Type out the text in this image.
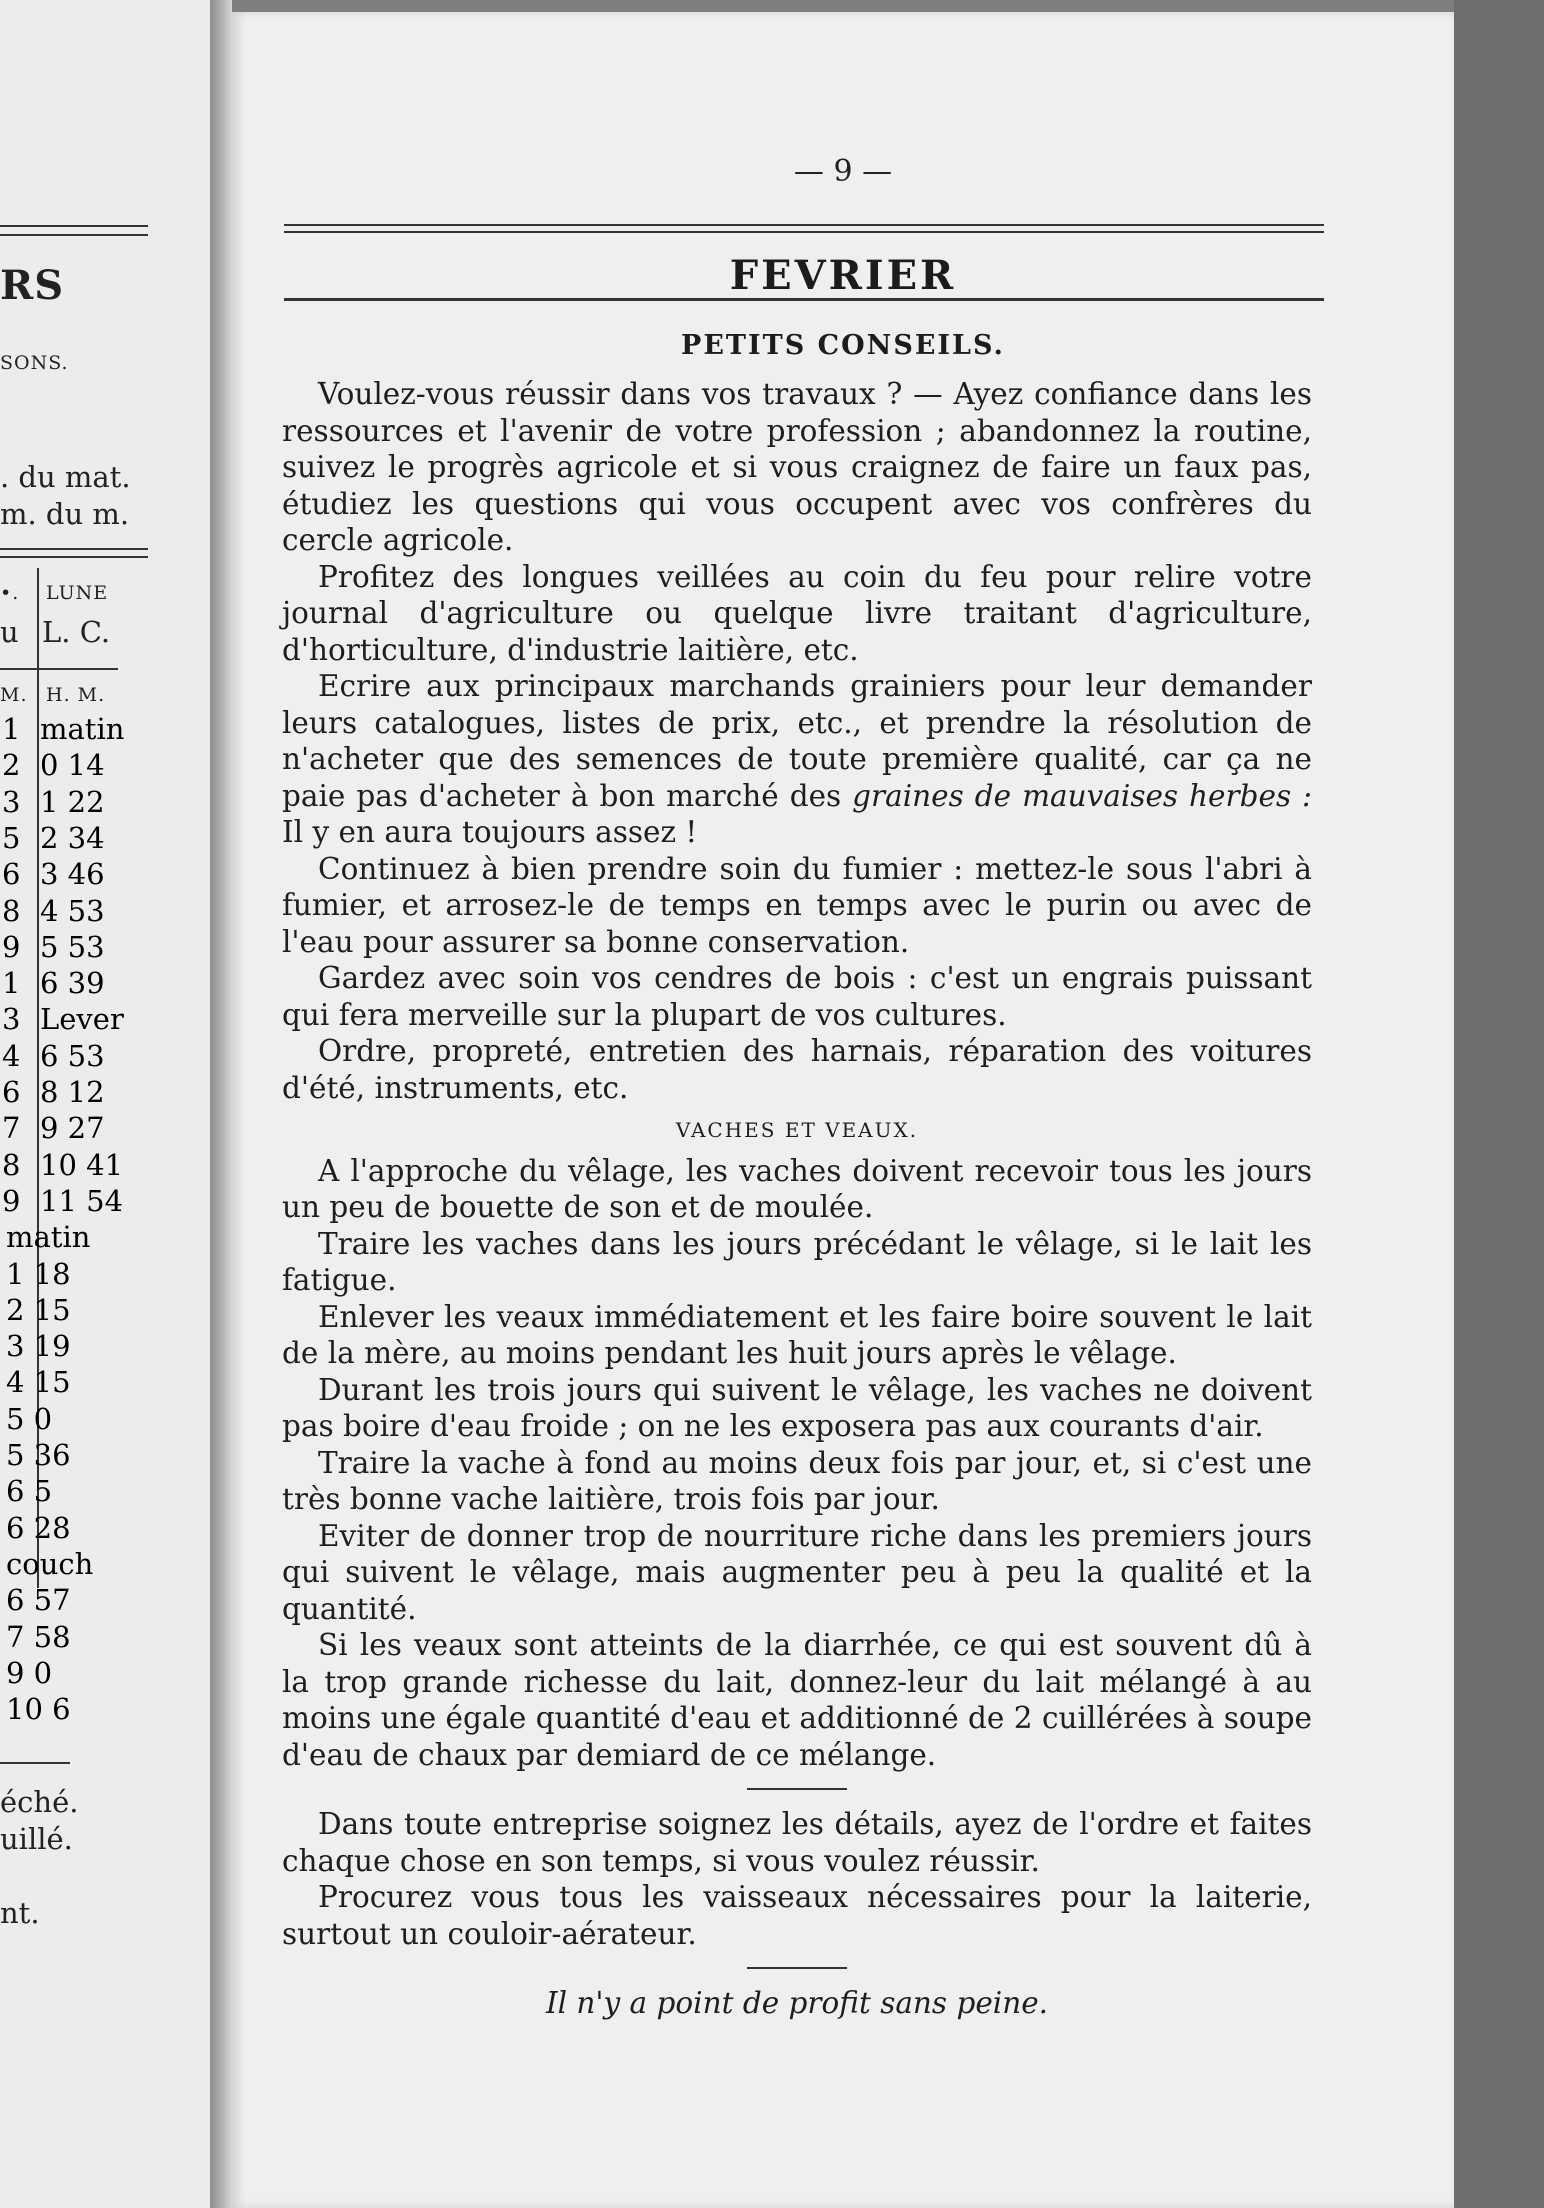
RS
SONS.
. du mat.
m. du m.
•.
u
LUNE
L. C.
M. H. M.
1 matin
2 0 14
3 1 22
5 2 34
6 3 46
8 4 53
9 5 53
1 6 39
3 Lever
4 6 53
6 8 12
7 9 27
8 10 41
9 11 54
matin
1 18
2 15
3 19
4 15
5 0
5 36
6 5
6 28
couch
6 57
7 58
9 0
10 6
éché.
uillé.
nt.
— 9 —
FEVRIER
PETITS CONSEILS.

Voulez-vous réussir dans vos travaux ? — Ayez confiance dans les ressources et l'avenir de votre profession ; abandonnez la routine, suivez le progrès agricole et si vous craignez de faire un faux pas, étudiez les questions qui vous occupent avec vos confrères du cercle agricole.

Profitez des longues veillées au coin du feu pour relire votre journal d'agriculture ou quelque livre traitant d'agriculture, d'horticulture, d'industrie laitière, etc.

Ecrire aux principaux marchands grainiers pour leur demander leurs catalogues, listes de prix, etc., et prendre la résolution de n'acheter que des semences de toute première qualité, car ça ne paie pas d'acheter à bon marché des graines de mauvaises herbes : Il y en aura toujours assez !

Continuez à bien prendre soin du fumier : mettez-le sous l'abri à fumier, et arrosez-le de temps en temps avec le purin ou avec de l'eau pour assurer sa bonne conservation.

Gardez avec soin vos cendres de bois : c'est un engrais puissant qui fera merveille sur la plupart de vos cultures.

Ordre, propreté, entretien des harnais, réparation des voitures d'été, instruments, etc.

VACHES ET VEAUX.

A l'approche du vêlage, les vaches doivent recevoir tous les jours un peu de bouette de son et de moulée.

Traire les vaches dans les jours précédant le vêlage, si le lait les fatigue.

Enlever les veaux immédiatement et les faire boire souvent le lait de la mère, au moins pendant les huit jours après le vêlage.

Durant les trois jours qui suivent le vêlage, les vaches ne doivent pas boire d'eau froide ; on ne les exposera pas aux courants d'air.

Traire la vache à fond au moins deux fois par jour, et, si c'est une très bonne vache laitière, trois fois par jour.

Eviter de donner trop de nourriture riche dans les premiers jours qui suivent le vêlage, mais augmenter peu à peu la qualité et la quantité.

Si les veaux sont atteints de la diarrhée, ce qui est souvent dû à la trop grande richesse du lait, donnez-leur du lait mélangé à au moins une égale quantité d'eau et additionné de 2 cuillérées à soupe d'eau de chaux par demiard de ce mélange.

Dans toute entreprise soignez les détails, ayez de l'ordre et faites chaque chose en son temps, si vous voulez réussir.

Procurez vous tous les vaisseaux nécessaires pour la laiterie, surtout un couloir-aérateur.

Il n'y a point de profit sans peine.
